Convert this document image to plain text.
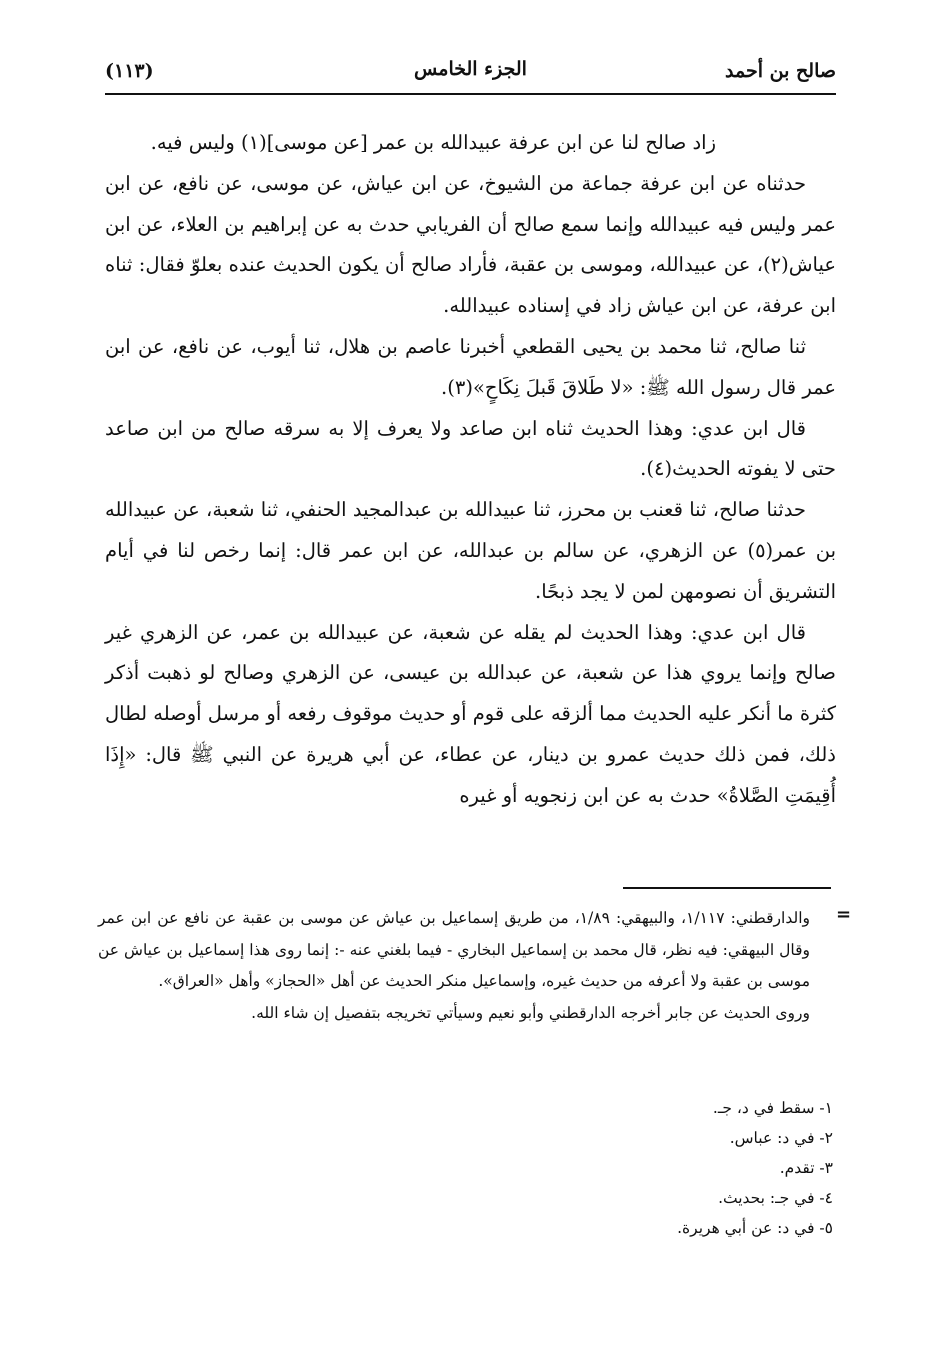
صالح بن أحمد
الجزء الخامس
(١١٣)

زاد صالح لنا عن ابن عرفة عبيدالله بن عمر [عن موسى](١) وليس فيه.

حدثناه عن ابن عرفة جماعة من الشيوخ، عن ابن عياش، عن موسى، عن نافع، عن ابن عمر وليس فيه عبيدالله وإنما سمع صالح أن الفريابي حدث به عن إبراهيم بن العلاء، عن ابن عياش(٢)، عن عبيدالله، وموسى بن عقبة، فأراد صالح أن يكون الحديث عنده بعلوّ فقال: ثناه ابن عرفة، عن ابن عياش زاد في إسناده عبيدالله.

ثنا صالح، ثنا محمد بن يحيى القطعي أخبرنا عاصم بن هلال، ثنا أيوب، عن نافع، عن ابن عمر قال رسول الله ﷺ: «لا طَلاقَ قَبلَ نِكَاحٍ»(٣).

قال ابن عدي: وهذا الحديث ثناه ابن صاعد ولا يعرف إلا به سرقه صالح من ابن صاعد حتى لا يفوته الحديث(٤).

حدثنا صالح، ثنا قعنب بن محرز، ثنا عبيدالله بن عبدالمجيد الحنفي، ثنا شعبة، عن عبيدالله بن عمر(٥) عن الزهري، عن سالم بن عبدالله، عن ابن عمر قال: إنما رخص لنا في أيام التشريق أن نصومهن لمن لا يجد ذبحًا.

قال ابن عدي: وهذا الحديث لم يقله عن شعبة، عن عبيدالله بن عمر، عن الزهري غير صالح وإنما يروي هذا عن شعبة، عن عبدالله بن عيسى، عن الزهري وصالح لو ذهبت أذكر كثرة ما أنكر عليه الحديث مما ألزقه على قوم أو حديث موقوف رفعه أو مرسل أوصله لطال ذلك، فمن ذلك حديث عمرو بن دينار، عن عطاء، عن أبي هريرة عن النبي ﷺ قال: «إِذَا أُقِيمَتِ الصَّلاةُ» حدث به عن ابن زنجويه أو غيره

=

والدارقطني: ١/١١٧، والبيهقي: ١/٨٩، من طريق إسماعيل بن عياش عن موسى بن عقبة عن نافع عن ابن عمر وقال البيهقي: فيه نظر، قال محمد بن إسماعيل البخاري - فيما بلغني عنه -: إنما روى هذا إسماعيل بن عياش عن موسى بن عقبة ولا أعرفه من حديث غيره، وإسماعيل منكر الحديث عن أهل «الحجاز» وأهل «العراق».

وروى الحديث عن جابر أخرجه الدارقطني وأبو نعيم وسيأتي تخريجه بتفصيل إن شاء الله.

١- سقط في د، جـ.
٢- في د: عباس.
٣- تقدم.
٤- في جـ: بحديث.
٥- في د: عن أبي هريرة.
